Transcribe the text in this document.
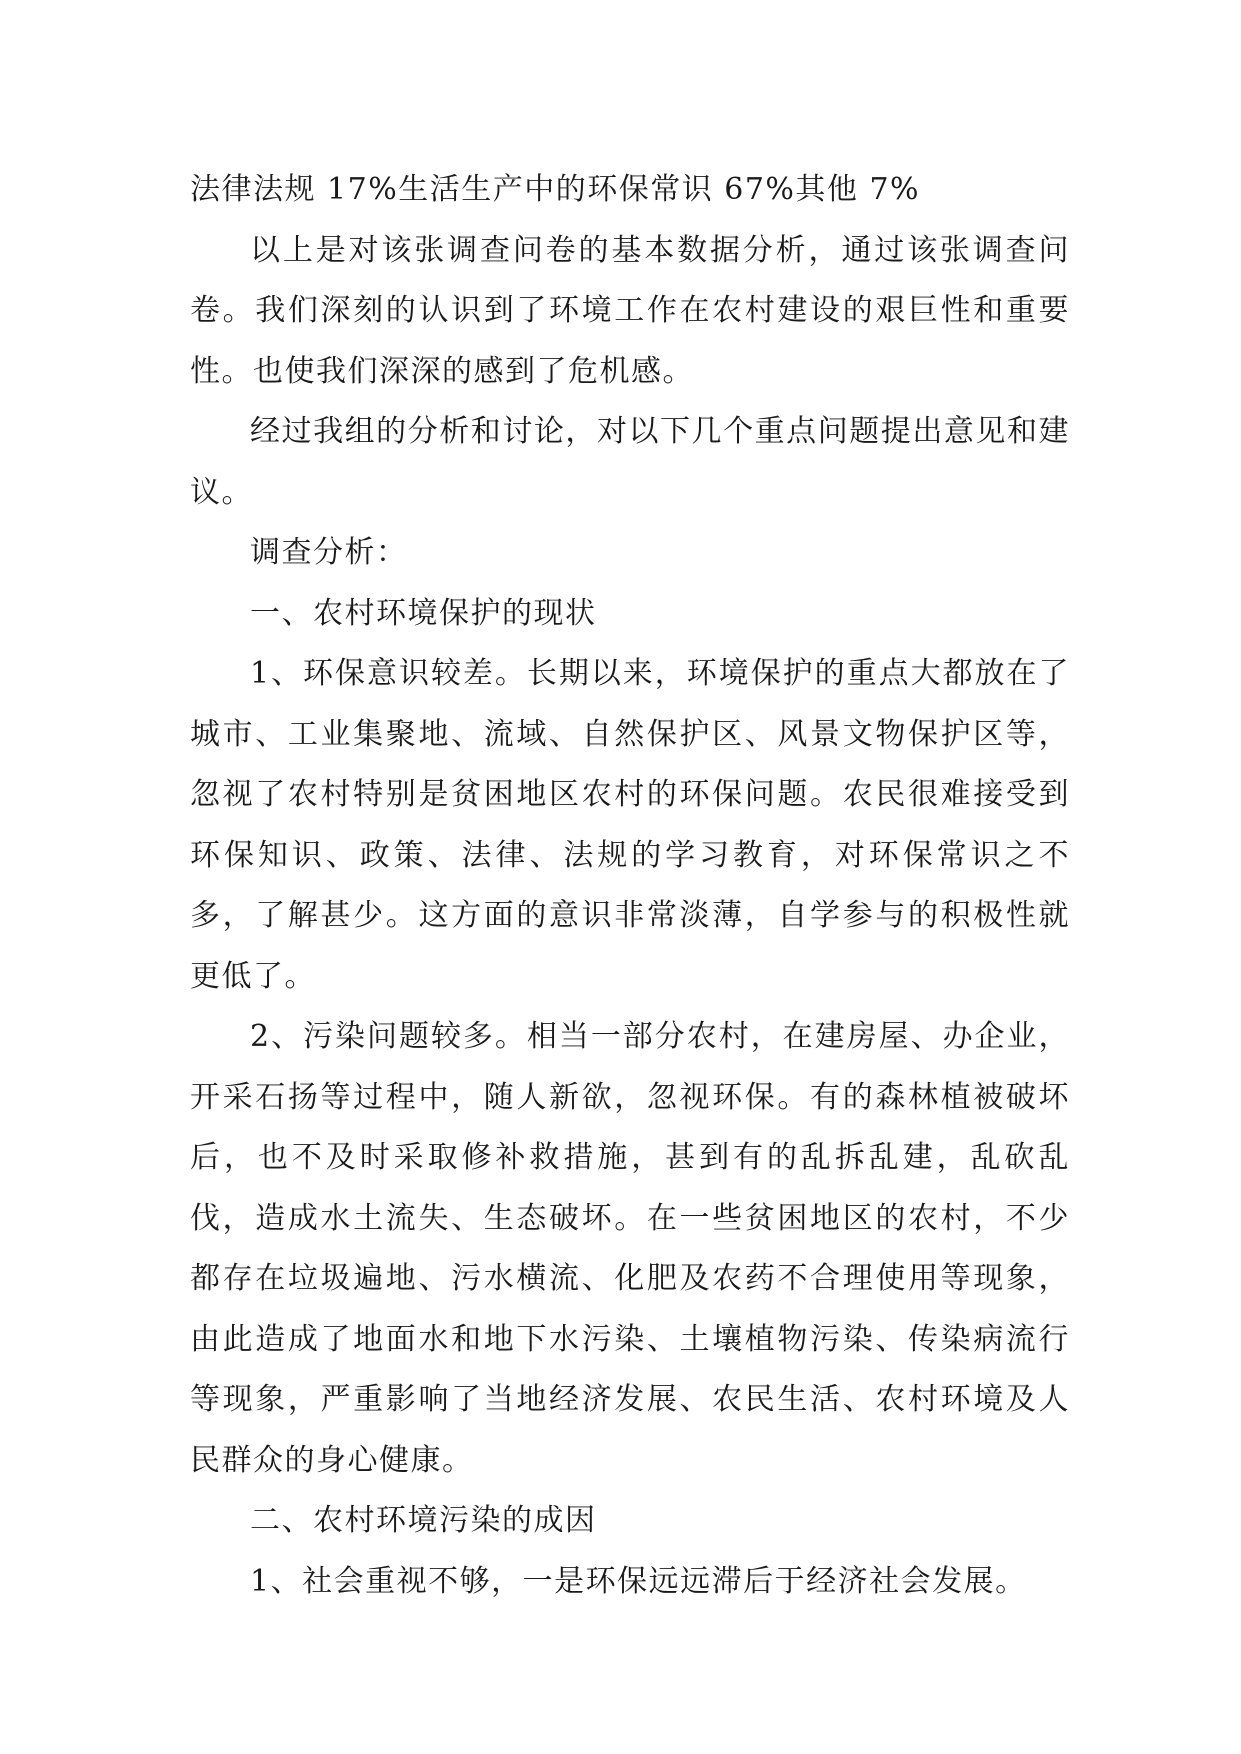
法律法规 17%生活生产中的环保常识 67%其他 7%

以上是对该张调查问卷的基本数据分析，通过该张调查问卷。我们深刻的认识到了环境工作在农村建设的艰巨性和重要性。也使我们深深的感到了危机感。

经过我组的分析和讨论，对以下几个重点问题提出意见和建议。

调查分析：

一、农村环境保护的现状

1、环保意识较差。长期以来，环境保护的重点大都放在了城市、工业集聚地、流域、自然保护区、风景文物保护区等，忽视了农村特别是贫困地区农村的环保问题。农民很难接受到环保知识、政策、法律、法规的学习教育，对环保常识之不多，了解甚少。这方面的意识非常淡薄，自学参与的积极性就更低了。

2、污染问题较多。相当一部分农村，在建房屋、办企业，开采石扬等过程中，随人新欲，忽视环保。有的森林植被破坏后，也不及时采取修补救措施，甚到有的乱拆乱建，乱砍乱伐，造成水土流失、生态破坏。在一些贫困地区的农村，不少都存在垃圾遍地、污水横流、化肥及农药不合理使用等现象，由此造成了地面水和地下水污染、土壤植物污染、传染病流行等现象，严重影响了当地经济发展、农民生活、农村环境及人民群众的身心健康。

二、农村环境污染的成因

1、社会重视不够，一是环保远远滞后于经济社会发展。
